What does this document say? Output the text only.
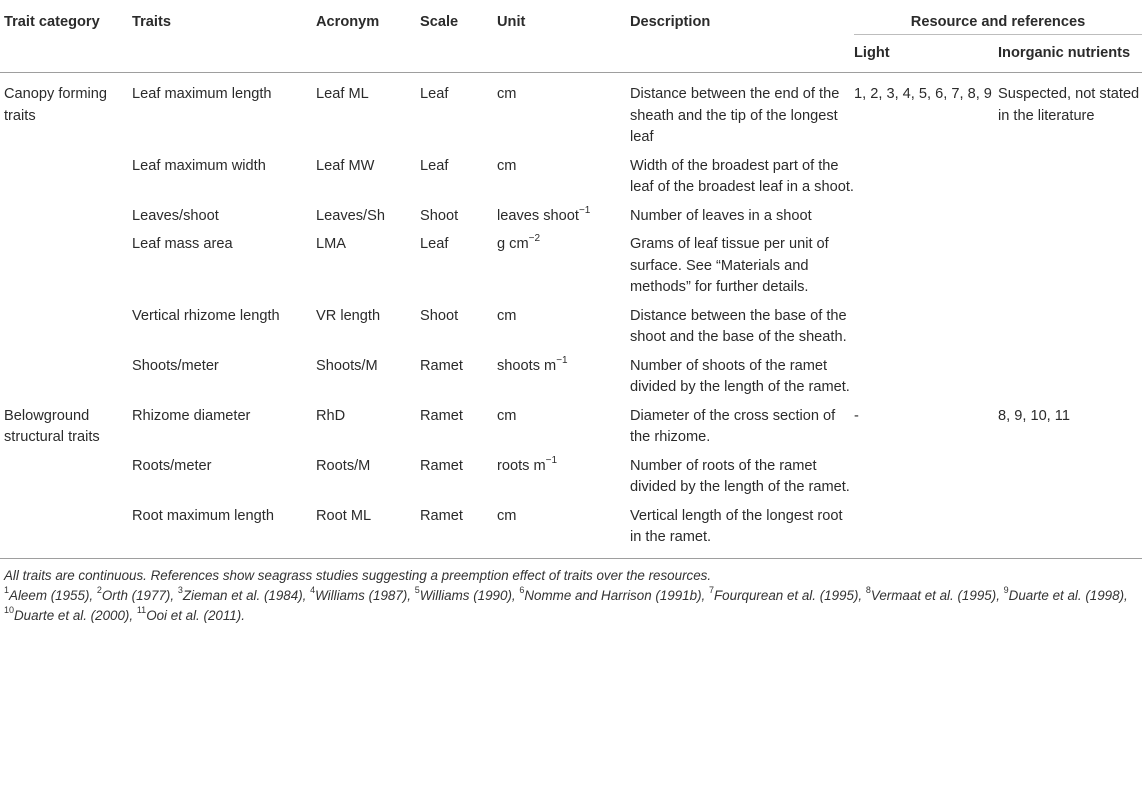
Trait category	Traits	Acronym	Scale	Unit	Description	Resource and references	
						Light	Inorganic nutrients
Canopy forming traits	Leaf maximum length	Leaf ML	Leaf	cm	Distance between the end of the sheath and the tip of the longest leaf	1, 2, 3, 4, 5, 6, 7, 8, 9	Suspected, not stated in the literature
	Leaf maximum width	Leaf MW	Leaf	cm	Width of the broadest part of the leaf of the broadest leaf in a shoot.		
	Leaves/shoot	Leaves/Sh	Shoot	leaves shoot$^{-1}$	Number of leaves in a shoot		
	Leaf mass area	LMA	Leaf	g $cm^{-2}$	Grams of leaf tissue per unit of surface. See “Materials and methods” for further details.		
	Vertical rhizome length	VR length	Shoot	cm	Distance between the base of the shoot and the base of the sheath.		
	Shoots/meter	Shoots/M	Ramet	shoots $m^{-1}$	Number of shoots of the ramet divided by the length of the ramet.		
Belowground structural traits	Rhizome diameter	RhD	Ramet	cm	Diameter of the cross section of the rhizome.	-	8, 9, 10, 11
	Roots/meter	Roots/M	Ramet	roots $m^{-1}$	Number of roots of the ramet divided by the length of the ramet.		
	Root maximum length	Root ML	Ramet	cm	Vertical length of the longest root in the ramet.		
All traits are continuous. References show seagrass studies suggesting a preemption effect of traits over the resources.
$^1$Aleem (1955), $^2$Orth (1977), $^3$Zieman et al. (1984), $^4$Williams (1987), $^5$Williams (1990), $^6$Nomme and Harrison (1991b), $^7$Fourqurean et al. (1995), $^8$Vermaat et al. (1995), $^9$Duarte et al. (1998), $^{10}$Duarte et al. (2000), $^{11}$Ooi et al. (2011).
